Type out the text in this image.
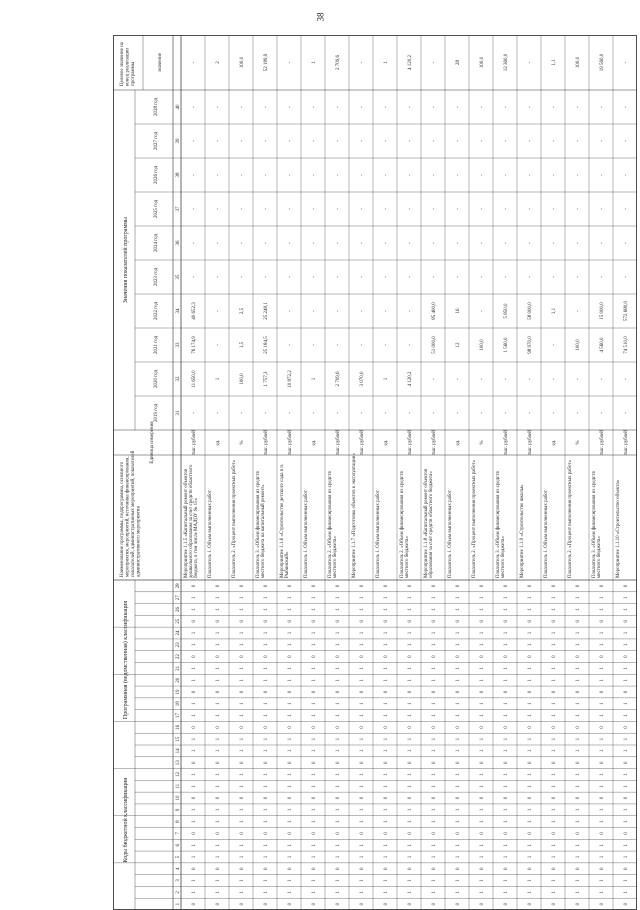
38
Коды бюджетной классификации
Программная (ведомственная) классификация
Наименование программы, подпрограммы, основногомероприятия, мероприятий, источника финансирования,показателей, административных мероприятий, показателейадминистративного мероприятия
Единица измерения
Значения показателей программы
Целевое значение наконец реализациипрограммы	значение
2019 год
2020 год
2021 год
2022 год
2023 год
2024 год
2025 год
2026 год
2027 год
2028 год
31
32
33
34
35
36
37
38
39
40
1
2
3
4
5
6
7
8
9
10
11
12
13
14
15
16
17
18
19
20
21
22
23
24
25
26
27
28
0
1
1
0
1
1
0
1
1
0
1
1
0
1
1
0
1
1
0
1
1
0
1
1
0
1
1
0
Мероприятие 1.1.5 «Капитальный ремонт объектовдошкольного образования за счет средств областногобюджета, в том числе МАДОУ № 15»
тыс. рублей
-
11 650,0
76 174,9
40 652,3
-
-
-
-
-
-
-
0
1
1
0
1
1
0
1
1
0
1
1
0
1
1
0
1
1
0
1
1
0
1
1
0
1
1
0
Показатель 1. Объем выполненных работ
ед.
-
1
-
-
-
-
-
-
-
-
2
0
1
1
0
1
1
0
1
1
0
1
1
0
1
1
0
1
1
0
1
1
0
1
1
0
1
1
0
Показатель 2. «Процент выполнения проектных работ»
%
-
100,0
1,5
2,5
-
-
-
-
-
-
100,0
0
1
1
0
1
1
0
1
1
0
1
1
0
1
1
0
1
1
0
1
1
0
1
1
0
1
1
0
Показатель 3. «Объем финансирования из средствместного бюджета на капитальный ремонт»
тыс. рублей
-
1 757,3
25 184,5
25 248,1
-
-
-
-
-
-
52 189,9
0
1
1
0
1
1
0
1
1
0
1
1
0
1
1
0
1
1
0
1
1
0
1
1
0
1
1
0
Мероприятие 1.1.6 «Строительство детского сада в п.Рыбинский»
тыс. рублей
-
10 872,2
-
-
-
-
-
-
-
-
-
0
1
1
0
1
1
0
1
1
0
1
1
0
1
1
0
1
1
0
1
1
0
1
1
0
1
1
0
Показатель 1. Объем выполненных работ
ед.
-
1
-
-
-
-
-
-
-
-
1
0
1
1
0
1
1
0
1
1
0
1
1
0
1
1
0
1
1
0
1
1
0
1
1
0
1
1
0
Показатель 2. «Объем финансирования из средствместного бюджета»
тыс. рублей
-
2 709,6
-
-
-
-
-
-
-
-
2 709,6
0
1
1
0
1
1
0
1
1
0
1
1
0
1
1
0
1
1
0
1
1
0
1
1
0
1
1
0
Мероприятие 1.1.7 «Подготовка объектов к эксплуатации»
тыс. рублей
-
3 070,0
-
-
-
-
-
-
-
-
-
0
1
1
0
1
1
0
1
1
0
1
1
0
1
1
0
1
1
0
1
1
0
1
1
0
1
1
0
Показатель 1. Объем выполненных работ
ед.
-
1
-
-
-
-
-
-
-
-
1
0
1
1
0
1
1
0
1
1
0
1
1
0
1
1
0
1
1
0
1
1
0
1
1
0
1
1
0
Показатель 2. «Объем финансирования из средствместного бюджета»
тыс. рублей
-
4 120,2
-
-
-
-
-
-
-
-
4 120,2
0
1
1
0
1
1
0
1
1
0
1
1
0
1
1
0
1
1
0
1
1
0
1
1
0
1
1
0
Мероприятие 1.1.8 «Капитальный ремонт объектовобразования за счет средств областного бюджета»
тыс. рублей
-
-
51 000,0
85 400,0
-
-
-
-
-
-
-
0
1
1
0
1
1
0
1
1
0
1
1
0
1
1
0
1
1
0
1
1
0
1
1
0
1
1
0
Показатель 1. Объем выполненных работ
ед.
-
-
12
16
-
-
-
-
-
-
28
0
1
1
0
1
1
0
1
1
0
1
1
0
1
1
0
1
1
0
1
1
0
1
1
0
1
1
0
Показатель 2. «Процент выполнения проектных работ»
%
-
-
100,0
-
-
-
-
-
-
-
100,0
0
1
1
0
1
1
0
1
1
0
1
1
0
1
1
0
1
1
0
1
1
0
1
1
0
1
1
0
Показатель 3. «Объем финансирования из средствместного бюджета»
тыс. рублей
-
-
1 560,0
5 850,0
-
-
-
-
-
-
12 360,0
0
1
1
0
1
1
0
1
1
0
1
1
0
1
1
0
1
1
0
1
1
0
1
1
0
1
1
0
Мероприятие 1.1.9 «Строительство школы»
тыс. рублей
-
-
98 970,0
58 000,0
-
-
-
-
-
-
-
0
1
1
0
1
1
0
1
1
0
1
1
0
1
1
0
1
1
0
1
1
0
1
1
0
1
1
0
Показатель 1. Объем выполненных работ
ед.
-
-
-
1,1
-
-
-
-
-
-
1,1
0
1
1
0
1
1
0
1
1
0
1
1
0
1
1
0
1
1
0
1
1
0
1
1
0
1
1
0
Показатель 2. «Процент выполнения проектных работ»
%
-
-
100,0
-
-
-
-
-
-
-
100,0
0
1
1
0
1
1
0
1
1
0
1
1
0
1
1
0
1
1
0
1
1
0
1
1
0
1
1
0
Показатель 3. «Объем финансирования из средствместного бюджета»
тыс. рублей
-
-
4 560,0
15 000,0
-
-
-
-
-
-
19 560,0
0
1
1
0
1
1
0
1
1
0
1
1
0
1
1
0
1
1
0
1
1
0
1
1
0
1
1
0
Мероприятие 1.1.10 «Строительство объекта»
тыс. рублей
-
-
74 510,0
572 680,0
-
-
-
-
-
-
-
